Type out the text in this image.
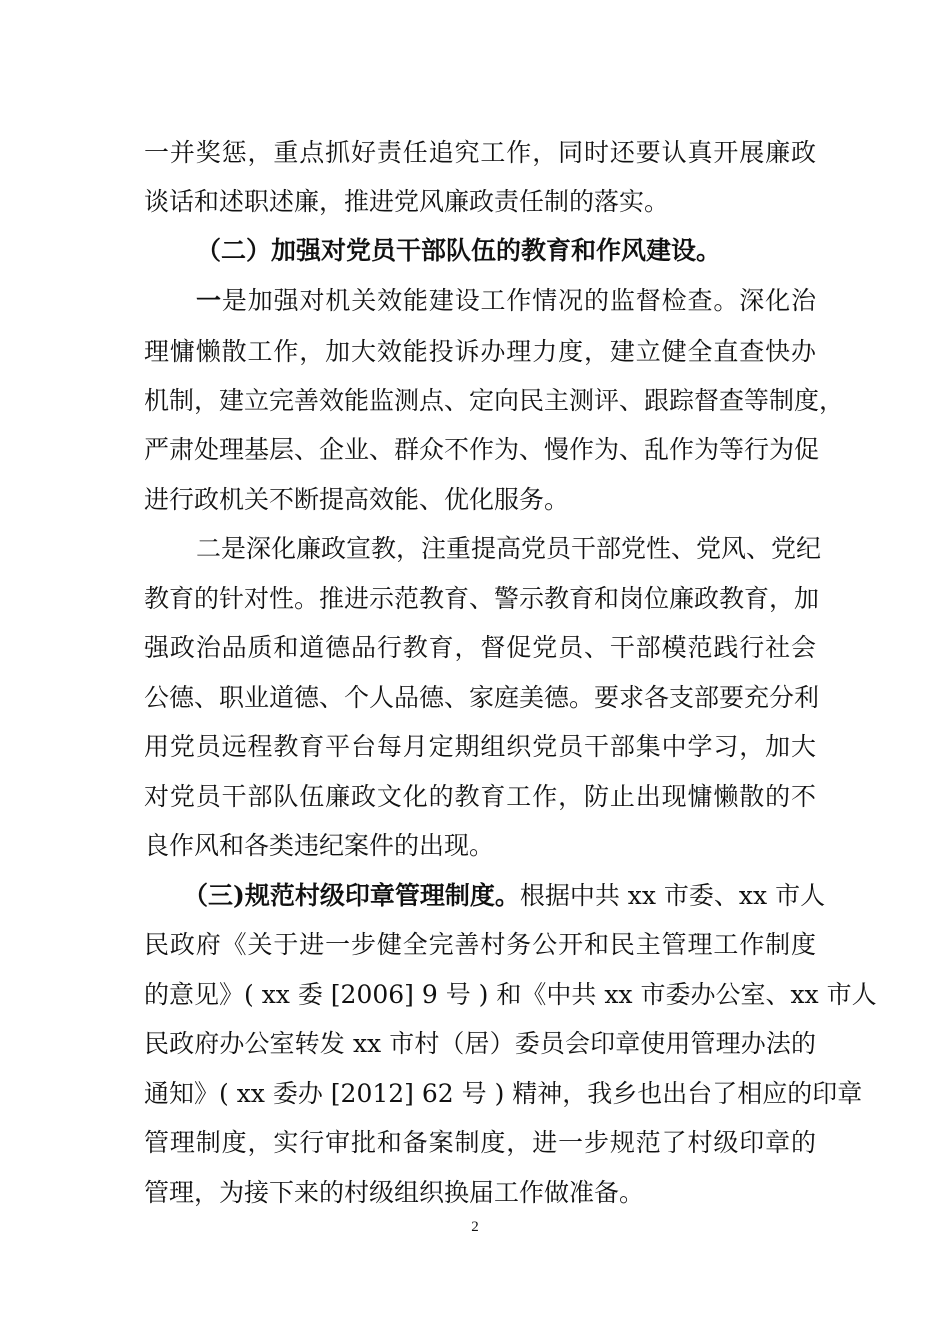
一并奖惩，重点抓好责任追究工作，同时还要认真开展廉政
谈话和述职述廉，推进党风廉政责任制的落实。
（二）加强对党员干部队伍的教育和作风建设。
一是加强对机关效能建设工作情况的监督检查。深化治
理慵懒散工作，加大效能投诉办理力度，建立健全直查快办
机制，建立完善效能监测点、定向民主测评、跟踪督查等制度，
严肃处理基层、企业、群众不作为、慢作为、乱作为等行为促
进行政机关不断提高效能、优化服务。
二是深化廉政宣教，注重提高党员干部党性、党风、党纪
教育的针对性。推进示范教育、警示教育和岗位廉政教育，加
强政治品质和道德品行教育，督促党员、干部模范践行社会
公德、职业道德、个人品德、家庭美德。要求各支部要充分利
用党员远程教育平台每月定期组织党员干部集中学习，加大
对党员干部队伍廉政文化的教育工作，防止出现慵懒散的不
良作风和各类违纪案件的出现。
（三)规范村级印章管理制度。根据中共 xx 市委、xx 市人
民政府《关于进一步健全完善村务公开和民主管理工作制度
的意见》( xx 委 [2006] 9 号 ) 和《中共 xx 市委办公室、xx 市人
民政府办公室转发 xx 市村（居）委员会印章使用管理办法的
通知》( xx 委办 [2012] 62 号 ) 精神，我乡也出台了相应的印章
管理制度，实行审批和备案制度，进一步规范了村级印章的
管理，为接下来的村级组织换届工作做准备。
2
